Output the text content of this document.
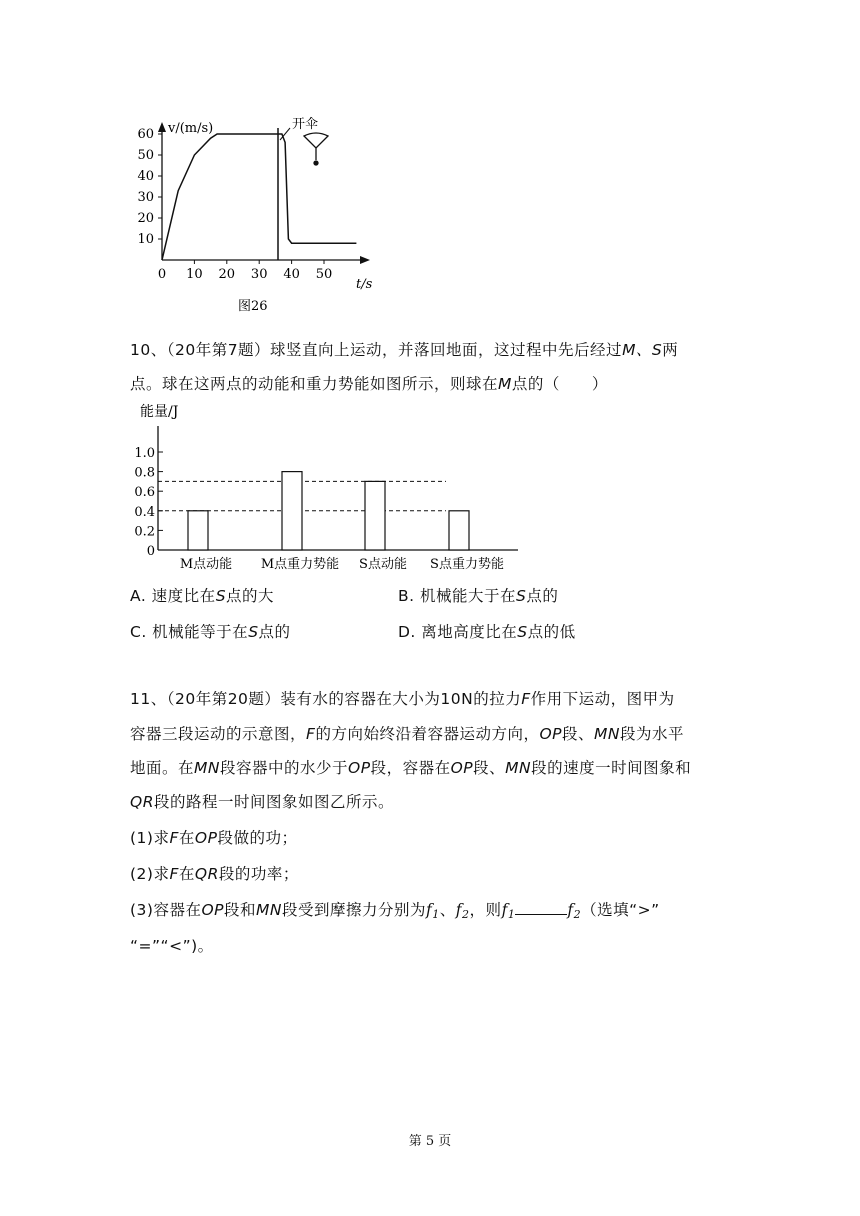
v/(m/s)
t/s
60
50
40
30
20
10
0 10 20 30 40 50
开伞
图26
10、（20年第7题）球竖直向上运动，并落回地面，这过程中先后经过M、S两
点。球在这两点的动能和重力势能如图所示，则球在M点的（　　）
能量/J
1.0
0.8
0.6
0.4
0.2
0
M点动能 M点重力势能 S点动能 S点重力势能
A. 速度比在S点的大	B. 机械能大于在S点的
C. 机械能等于在S点的	D. 离地高度比在S点的低
11、（20年第20题）装有水的容器在大小为10N的拉力F作用下运动，图甲为
容器三段运动的示意图，F的方向始终沿着容器运动方向，OP段、MN段为水平
地面。在MN段容器中的水少于OP段，容器在OP段、MN段的速度一时间图象和
QR段的路程一时间图象如图乙所示。
(1)求F在OP段做的功；
(2)求F在QR段的功率；
(3)容器在OP段和MN段受到摩擦力分别为$f_1$、$f_2$，则$f_1$	$f_2$（选填“>”
“=”“<”)。
第 5 页
